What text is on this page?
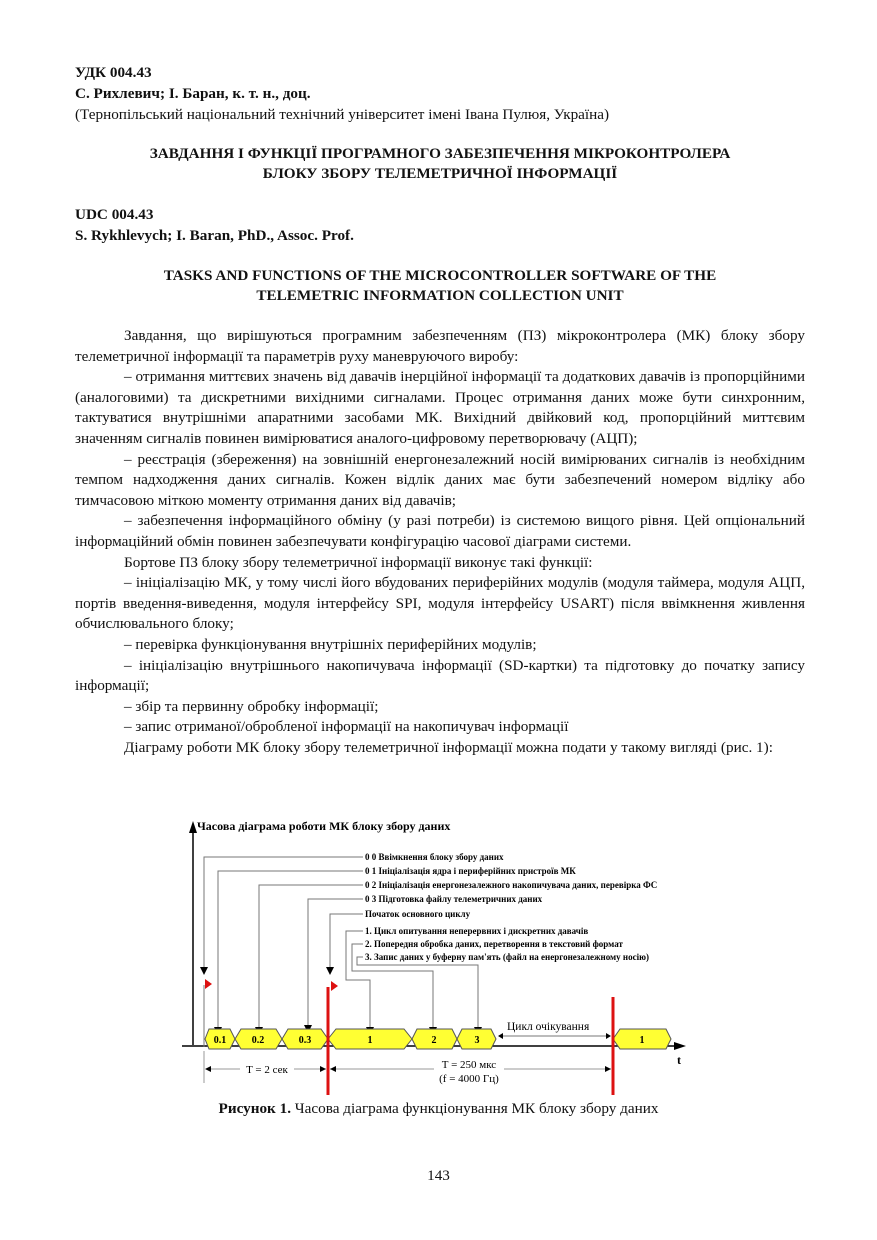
УДК 004.43

С. Рихлевич; І. Баран, к. т. н., доц.

(Тернопільський національний технічний університет імені Івана Пулюя, Україна)

ЗАВДАННЯ І ФУНКЦІЇ ПРОГРАМНОГО ЗАБЕЗПЕЧЕННЯ МІКРОКОНТРОЛЕРА

БЛОКУ ЗБОРУ ТЕЛЕМЕТРИЧНОЇ ІНФОРМАЦІЇ

UDC 004.43

S. Rykhlevych; I. Baran, PhD., Assoc. Prof.

TASKS AND FUNCTIONS OF THE MICROCONTROLLER SOFTWARE OF THE

TELEMETRIC INFORMATION COLLECTION UNIT

Завдання, що вирішуються програмним забезпеченням (ПЗ) мікроконтролера (МК) блоку збору телеметричної інформації та параметрів руху маневруючого виробу:

– отримання миттєвих значень від давачів інерційної інформації та додаткових давачів із пропорційними (аналоговими) та дискретними вихідними сигналами. Процес отримання даних може бути синхронним, тактуватися внутрішніми апаратними засобами МК. Вихідний двійковий код, пропорційний миттєвим значенням сигналів повинен вимірюватися аналого-цифровому перетворювачу (АЦП);

– реєстрація (збереження) на зовнішній енергонезалежний носій вимірюваних сигналів із необхідним темпом надходження даних сигналів. Кожен відлік даних має бути забезпечений номером відліку або тимчасовою міткою моменту отримання даних від давачів;

– забезпечення інформаційного обміну (у разі потреби) із системою вищого рівня. Цей опціональний інформаційний обмін повинен забезпечувати конфігурацію часової діаграми системи.

Бортове ПЗ блоку збору телеметричної інформації виконує такі функції:

– ініціалізацію МК, у тому числі його вбудованих периферійних модулів (модуля таймера, модуля АЦП, портів введення-виведення, модуля інтерфейсу SPI, модуля інтерфейсу USART) після ввімкнення живлення обчислювального блоку;

– перевірка функціонування внутрішніх периферійних модулів;

– ініціалізацію внутрішнього накопичувача інформації (SD-картки) та підготовку до початку запису інформації;

– збір та первинну обробку інформації;

– запис отриманої/обробленої інформації на накопичувач інформації

Діаграму роботи МК блоку збору телеметричної інформації можна подати у такому вигляді (рис. 1):

t
Часова діаграма роботи МК блоку збору даних
0 0 Ввімкнення блоку збору даних
0 1 Ініціалізація ядра і периферійних пристроїв МК
0 2 Ініціалізація енергонезалежного накопичувача даних, перевірка ФС
0 3 Підготовка файлу телеметричних даних
Початок основного циклу
1. Цикл опитування неперервних і дискретних давачів
2. Попередня обробка даних, перетворення в текстовий формат
3. Запис даних у буферну пам'ять (файл на енергонезалежному носію)
0.1	0.2	0.3	1	2	3	1
Цикл очікування
T = 2 сек	T = 250 мкс
(f = 4000 Гц)
Рисунок 1. Часова діаграма функціонування МК блоку збору даних
143
